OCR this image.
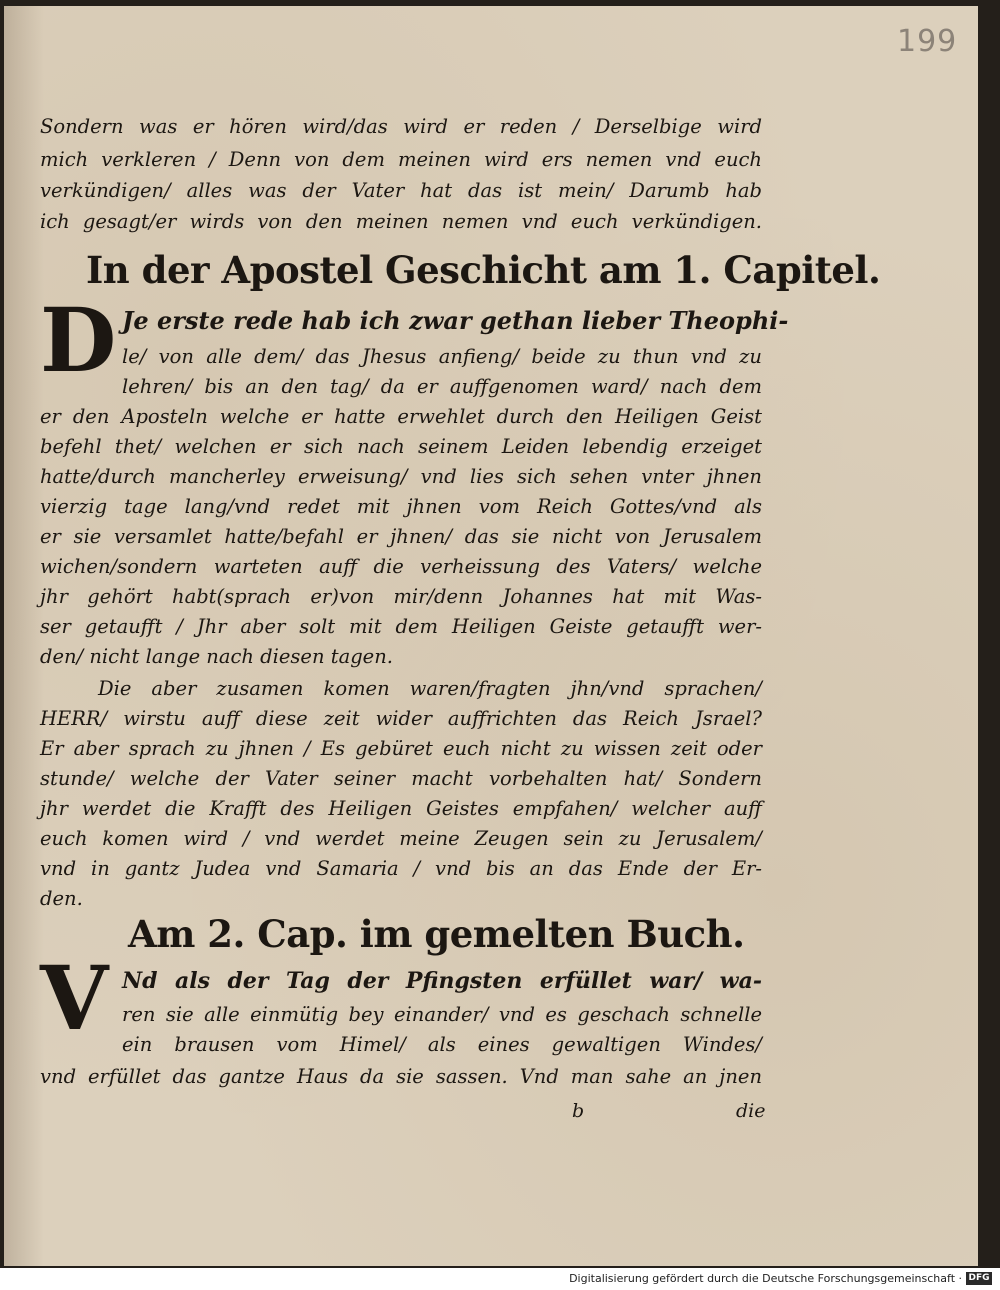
199
Sondern was er hören wird/das wird er reden / Derselbige wird
mich verkleren / Denn von dem meinen wird ers nemen vnd euch
verkündigen/ alles was der Vater hat das ist mein/ Darumb hab
ich gesagt/er wirds von den meinen nemen vnd euch verkündigen.
In der Apostel Geschicht am 1. Capitel.
D Je erste rede hab ich zwar gethan lieber Theophi-
le/ von alle dem/ das Jhesus anfieng/ beide zu thun vnd zu
lehren/ bis an den tag/ da er auffgenomen ward/ nach dem
er den Aposteln welche er hatte erwehlet durch den Heiligen Geist
befehl thet/ welchen er sich nach seinem Leiden lebendig erzeiget
hatte/durch mancherley erweisung/ vnd lies sich sehen vnter jhnen
vierzig tage lang/vnd redet mit jhnen vom Reich Gottes/vnd als
er sie versamlet hatte/befahl er jhnen/ das sie nicht von Jerusalem
wichen/sondern warteten auff die verheissung des Vaters/ welche
jhr gehört habt(sprach er)von mir/denn Johannes hat mit Was-
ser getaufft / Jhr aber solt mit dem Heiligen Geiste getaufft wer-
den/ nicht lange nach diesen tagen.
Die aber zusamen komen waren/fragten jhn/vnd sprachen/
HERR/ wirstu auff diese zeit wider auffrichten das Reich Jsrael?
Er aber sprach zu jhnen / Es gebüret euch nicht zu wissen zeit oder
stunde/ welche der Vater seiner macht vorbehalten hat/ Sondern
jhr werdet die Krafft des Heiligen Geistes empfahen/ welcher auff
euch komen wird / vnd werdet meine Zeugen sein zu Jerusalem/
vnd in gantz Judea vnd Samaria / vnd bis an das Ende der Er-
den.
Am 2. Cap. im gemelten Buch.
V Nd als der Tag der Pfingsten erfüllet war/ wa-
ren sie alle einmütig bey einander/ vnd es geschach schnelle
ein brausen vom Himel/ als eines gewaltigen Windes/
vnd erfüllet das gantze Haus da sie sassen. Vnd man sahe an jnen
b	die
Digitalisierung gefördert durch die Deutsche Forschungsgemeinschaft · DFG
